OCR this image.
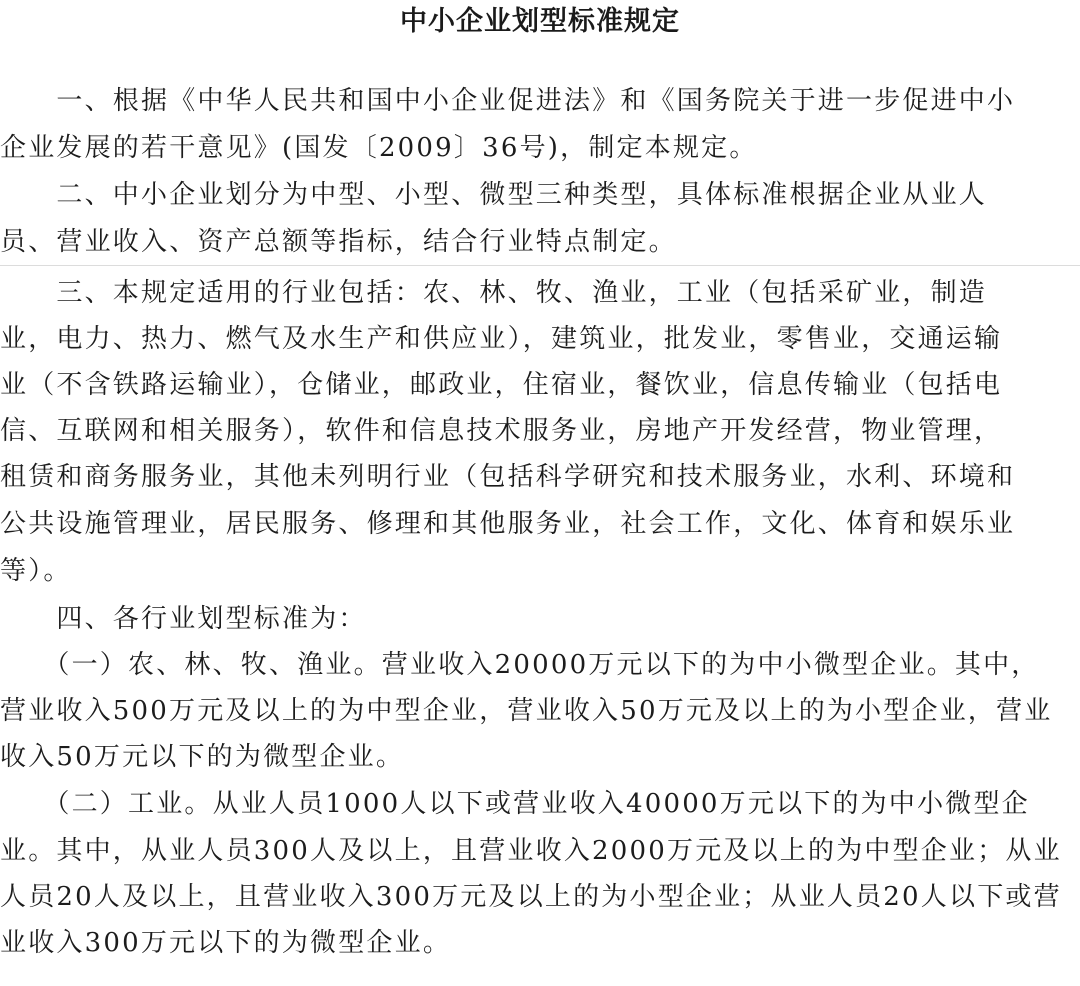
中小企业划型标准规定
　　一、根据《中华人民共和国中小企业促进法》和《国务院关于进一步促进中小
企业发展的若干意见》(国发〔2009〕36号)，制定本规定。
　　二、中小企业划分为中型、小型、微型三种类型，具体标准根据企业从业人
员、营业收入、资产总额等指标，结合行业特点制定。
　　三、本规定适用的行业包括：农、林、牧、渔业，工业（包括采矿业，制造
业，电力、热力、燃气及水生产和供应业），建筑业，批发业，零售业，交通运输
业（不含铁路运输业），仓储业，邮政业，住宿业，餐饮业，信息传输业（包括电
信、互联网和相关服务），软件和信息技术服务业，房地产开发经营，物业管理，
租赁和商务服务业，其他未列明行业（包括科学研究和技术服务业，水利、环境和
公共设施管理业，居民服务、修理和其他服务业，社会工作，文化、体育和娱乐业
等）。
　　四、各行业划型标准为：
　　（一）农、林、牧、渔业。营业收入20000万元以下的为中小微型企业。其中，
营业收入500万元及以上的为中型企业，营业收入50万元及以上的为小型企业，营业
收入50万元以下的为微型企业。
　　（二）工业。从业人员1000人以下或营业收入40000万元以下的为中小微型企
业。其中，从业人员300人及以上，且营业收入2000万元及以上的为中型企业；从业
人员20人及以上，且营业收入300万元及以上的为小型企业；从业人员20人以下或营
业收入300万元以下的为微型企业。
